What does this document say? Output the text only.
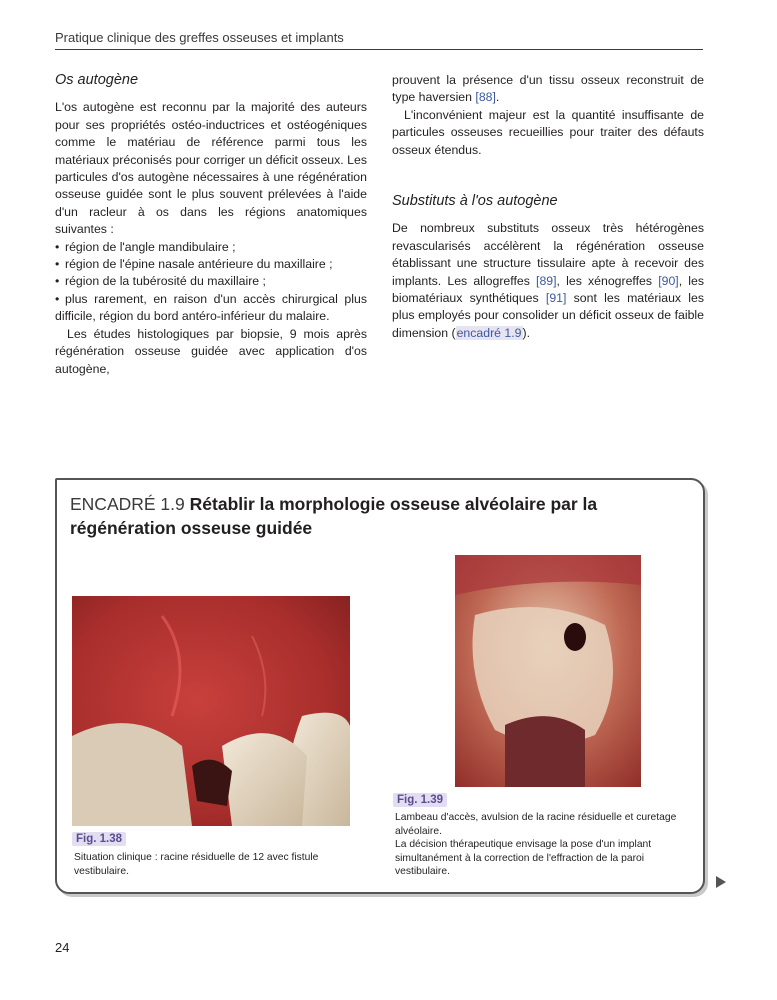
Pratique clinique des greffes osseuses et implants
Os autogène

L'os autogène est reconnu par la majorité des auteurs pour ses propriétés ostéo-inductrices et ostéogéniques comme le matériau de référence parmi tous les matériaux préconisés pour corriger un déficit osseux. Les particules d'os autogène nécessaires à une régénération osseuse guidée sont le plus souvent prélevées à l'aide d'un racleur à os dans les régions anatomiques suivantes :

• région de l'angle mandibulaire ;
• région de l'épine nasale antérieure du maxillaire ;
• région de la tubérosité du maxillaire ;
• plus rarement, en raison d'un accès chirurgical plus difficile, région du bord antéro-inférieur du malaire.

Les études histologiques par biopsie, 9 mois après régénération osseuse guidée avec application d'os autogène,

prouvent la présence d'un tissu osseux reconstruit de type haversien [88].

L'inconvénient majeur est la quantité insuffisante de particules osseuses recueillies pour traiter des défauts osseux étendus.

Substituts à l'os autogène

De nombreux substituts osseux très hétérogènes revascularisés accélèrent la régénération osseuse établissant une structure tissulaire apte à recevoir des implants. Les allogreffes [89], les xénogreffes [90], les biomatériaux synthétiques [91] sont les matériaux les plus employés pour consolider un déficit osseux de faible dimension (encadré 1.9).

ENCADRÉ 1.9 Rétablir la morphologie osseuse alvéolaire par la régénération osseuse guidée
Fig. 1.38
Situation clinique : racine résiduelle de 12 avec fistule vestibulaire.
Fig. 1.39
Lambeau d'accès, avulsion de la racine résiduelle et curetage alvéolaire.
La décision thérapeutique envisage la pose d'un implant simultanément à la correction de l'effraction de la paroi vestibulaire.
24
